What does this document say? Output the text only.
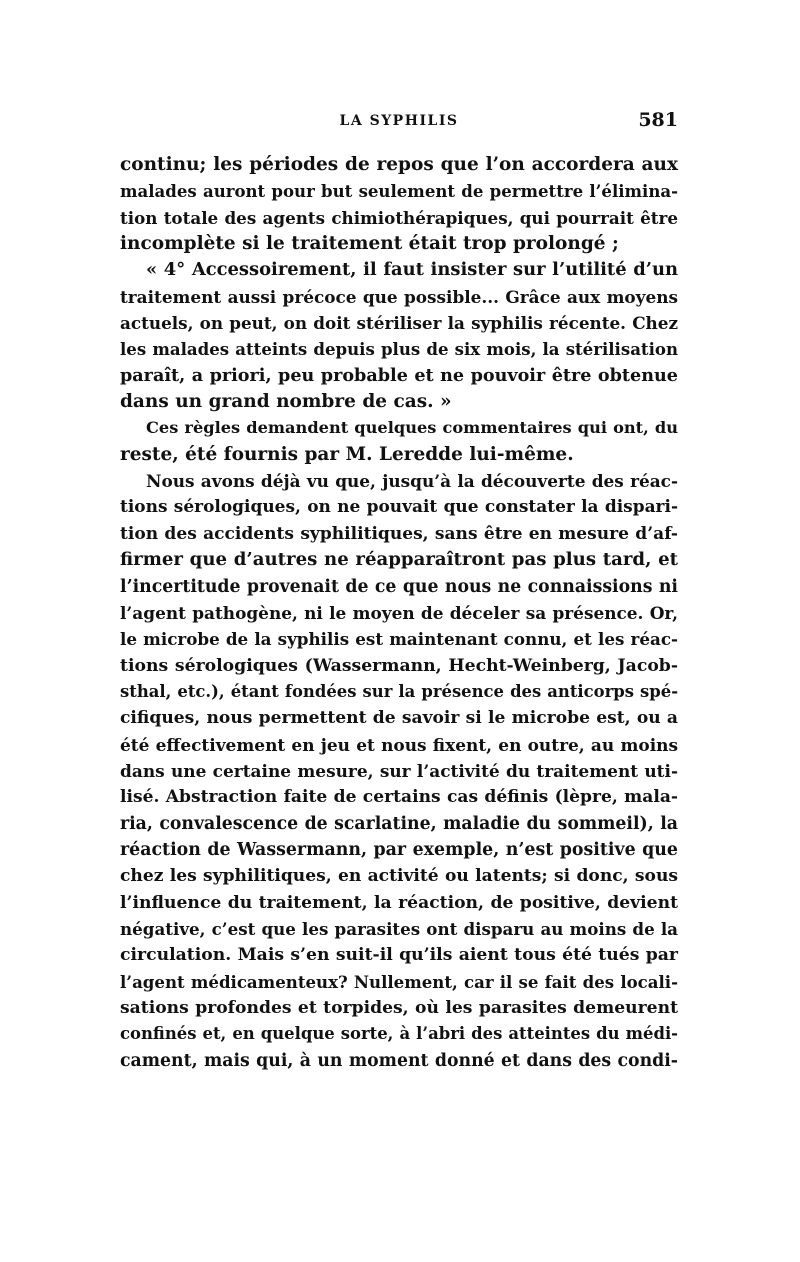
LA SYPHILIS	581
continu; les périodes de repos que l’on accordera aux
malades auront pour but seulement de permettre l’élimina-
tion totale des agents chimiothérapiques, qui pourrait être
incomplète si le traitement était trop prolongé ;
« 4° Accessoirement, il faut insister sur l’utilité d’un
traitement aussi précoce que possible... Grâce aux moyens
actuels, on peut, on doit stériliser la syphilis récente. Chez
les malades atteints depuis plus de six mois, la stérilisation
paraît, a priori, peu probable et ne pouvoir être obtenue
dans un grand nombre de cas. »
Ces règles demandent quelques commentaires qui ont, du
reste, été fournis par M. Leredde lui-même.
Nous avons déjà vu que, jusqu’à la découverte des réac-
tions sérologiques, on ne pouvait que constater la dispari-
tion des accidents syphilitiques, sans être en mesure d’af-
firmer que d’autres ne réapparaîtront pas plus tard, et
l’incertitude provenait de ce que nous ne connaissions ni
l’agent pathogène, ni le moyen de déceler sa présence. Or,
le microbe de la syphilis est maintenant connu, et les réac-
tions sérologiques (Wassermann, Hecht-Weinberg, Jacob-
sthal, etc.), étant fondées sur la présence des anticorps spé-
cifiques, nous permettent de savoir si le microbe est, ou a
été effectivement en jeu et nous fixent, en outre, au moins
dans une certaine mesure, sur l’activité du traitement uti-
lisé. Abstraction faite de certains cas définis (lèpre, mala-
ria, convalescence de scarlatine, maladie du sommeil), la
réaction de Wassermann, par exemple, n’est positive que
chez les syphilitiques, en activité ou latents; si donc, sous
l’influence du traitement, la réaction, de positive, devient
négative, c’est que les parasites ont disparu au moins de la
circulation. Mais s’en suit-il qu’ils aient tous été tués par
l’agent médicamenteux? Nullement, car il se fait des locali-
sations profondes et torpides, où les parasites demeurent
confinés et, en quelque sorte, à l’abri des atteintes du médi-
cament, mais qui, à un moment donné et dans des condi-
